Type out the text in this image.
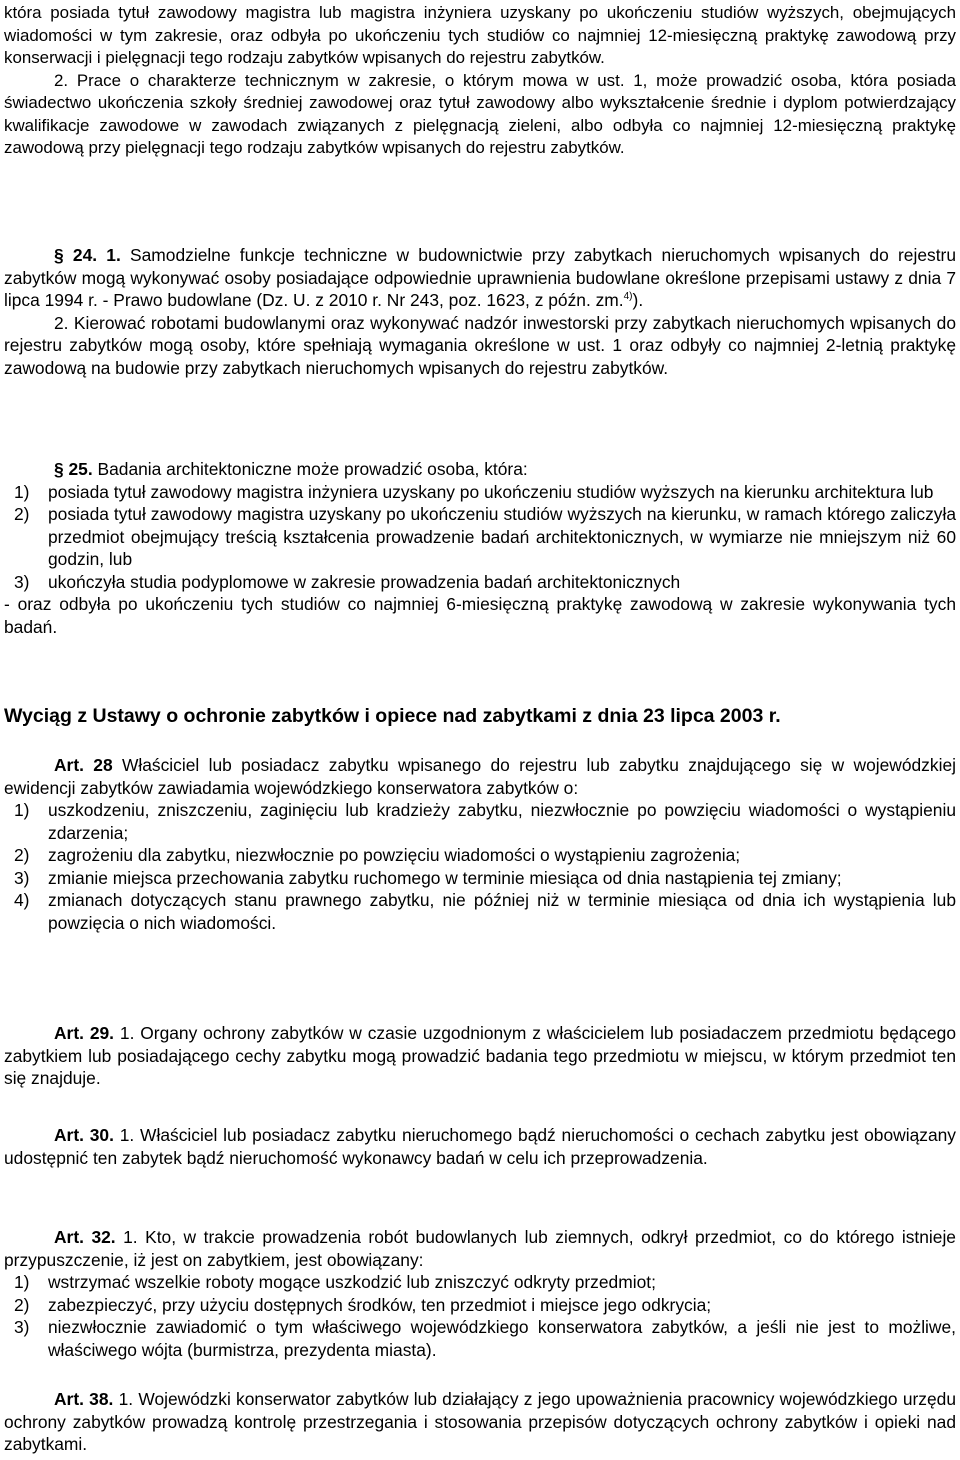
która posiada tytuł zawodowy magistra lub magistra inżyniera uzyskany po ukończeniu studiów wyższych, obejmujących wiadomości w tym zakresie, oraz odbyła po ukończeniu tych studiów co najmniej 12-miesięczną praktykę zawodową przy konserwacji i pielęgnacji tego rodzaju zabytków wpisanych do rejestru zabytków.

2. Prace o charakterze technicznym w zakresie, o którym mowa w ust. 1, może prowadzić osoba, która posiada świadectwo ukończenia szkoły średniej zawodowej oraz tytuł zawodowy albo wykształcenie średnie i dyplom potwierdzający kwalifikacje zawodowe w zawodach związanych z pielęgnacją zieleni, albo odbyła co najmniej 12-miesięczną praktykę zawodową przy pielęgnacji tego rodzaju zabytków wpisanych do rejestru zabytków.

§ 24. 1. Samodzielne funkcje techniczne w budownictwie przy zabytkach nieruchomych wpisanych do rejestru zabytków mogą wykonywać osoby posiadające odpowiednie uprawnienia budowlane określone przepisami ustawy z dnia 7 lipca 1994 r. - Prawo budowlane (Dz. U. z 2010 r. Nr 243, poz. 1623, z późn. zm.$^{4)}$).

2. Kierować robotami budowlanymi oraz wykonywać nadzór inwestorski przy zabytkach nieruchomych wpisanych do rejestru zabytków mogą osoby, które spełniają wymagania określone w ust. 1 oraz odbyły co najmniej 2-letnią praktykę zawodową na budowie przy zabytkach nieruchomych wpisanych do rejestru zabytków.

§ 25. Badania architektoniczne może prowadzić osoba, która:

1) posiada tytuł zawodowy magistra inżyniera uzyskany po ukończeniu studiów wyższych na kierunku architektura lub
2) posiada tytuł zawodowy magistra uzyskany po ukończeniu studiów wyższych na kierunku, w ramach którego zaliczyła przedmiot obejmujący treścią kształcenia prowadzenie badań architektonicznych, w wymiarze nie mniejszym niż 60 godzin, lub
3) ukończyła studia podyplomowe w zakresie prowadzenia badań architektonicznych

- oraz odbyła po ukończeniu tych studiów co najmniej 6-miesięczną praktykę zawodową w zakresie wykonywania tych badań.

Wyciąg z Ustawy o ochronie zabytków i opiece nad zabytkami z dnia 23 lipca 2003 r.

Art. 28 Właściciel lub posiadacz zabytku wpisanego do rejestru lub zabytku znajdującego się w wojewódzkiej ewidencji zabytków zawiadamia wojewódzkiego konserwatora zabytków o:

1) uszkodzeniu, zniszczeniu, zaginięciu lub kradzieży zabytku, niezwłocznie po powzięciu wiadomości o wystąpieniu zdarzenia;
2) zagrożeniu dla zabytku, niezwłocznie po powzięciu wiadomości o wystąpieniu zagrożenia;
3) zmianie miejsca przechowania zabytku ruchomego w terminie miesiąca od dnia nastąpienia tej zmiany;
4) zmianach dotyczących stanu prawnego zabytku, nie później niż w terminie miesiąca od dnia ich wystąpienia lub powzięcia o nich wiadomości.

Art. 29. 1. Organy ochrony zabytków w czasie uzgodnionym z właścicielem lub posiadaczem przedmiotu będącego zabytkiem lub posiadającego cechy zabytku mogą prowadzić badania tego przedmiotu w miejscu, w którym przedmiot ten się znajduje.

Art. 30. 1. Właściciel lub posiadacz zabytku nieruchomego bądź nieruchomości o cechach zabytku jest obowiązany udostępnić ten zabytek bądź nieruchomość wykonawcy badań w celu ich przeprowadzenia.

Art. 32. 1. Kto, w trakcie prowadzenia robót budowlanych lub ziemnych, odkrył przedmiot, co do którego istnieje przypuszczenie, iż jest on zabytkiem, jest obowiązany:

1) wstrzymać wszelkie roboty mogące uszkodzić lub zniszczyć odkryty przedmiot;
2) zabezpieczyć, przy użyciu dostępnych środków, ten przedmiot i miejsce jego odkrycia;
3) niezwłocznie zawiadomić o tym właściwego wojewódzkiego konserwatora zabytków, a jeśli nie jest to możliwe, właściwego wójta (burmistrza, prezydenta miasta).

Art. 38. 1. Wojewódzki konserwator zabytków lub działający z jego upoważnienia pracownicy wojewódzkiego urzędu ochrony zabytków prowadzą kontrolę przestrzegania i stosowania przepisów dotyczących ochrony zabytków i opieki nad zabytkami.
